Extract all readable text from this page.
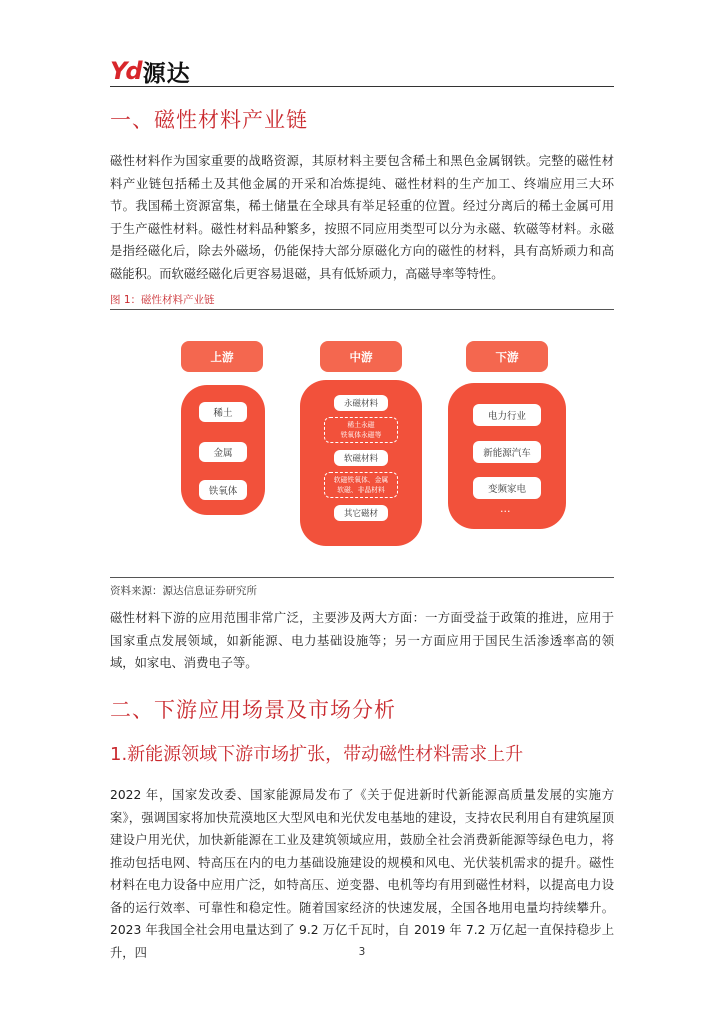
Yd 源达
一、磁性材料产业链

磁性材料作为国家重要的战略资源，其原材料主要包含稀土和黑色金属钢铁。完整的磁性材料产业链包括稀土及其他金属的开采和冶炼提纯、磁性材料的生产加工、终端应用三大环节。我国稀土资源富集，稀土储量在全球具有举足轻重的位置。经过分离后的稀土金属可用于生产磁性材料。磁性材料品种繁多，按照不同应用类型可以分为永磁、软磁等材料。永磁是指经磁化后，除去外磁场，仍能保持大部分原磁化方向的磁性的材料，具有高矫顽力和高磁能积。而软磁经磁化后更容易退磁，具有低矫顽力，高磁导率等特性。

图 1：磁性材料产业链
上游
稀土
金属
铁氧体
中游
永磁材料
稀土永磁
铁氧体永磁等
软磁材料
软磁铁氧体、金属
软磁、非晶材料
其它磁材
下游
电力行业
新能源汽车
变频家电
...
资料来源：源达信息证券研究所

磁性材料下游的应用范围非常广泛，主要涉及两大方面：一方面受益于政策的推进，应用于国家重点发展领域，如新能源、电力基础设施等；另一方面应用于国民生活渗透率高的领域，如家电、消费电子等。

二、下游应用场景及市场分析
1.新能源领域下游市场扩张，带动磁性材料需求上升

2022 年，国家发改委、国家能源局发布了《关于促进新时代新能源高质量发展的实施方案》，强调国家将加快荒漠地区大型风电和光伏发电基地的建设，支持农民利用自有建筑屋顶建设户用光伏，加快新能源在工业及建筑领域应用，鼓励全社会消费新能源等绿色电力，将推动包括电网、特高压在内的电力基础设施建设的规模和风电、光伏装机需求的提升。磁性材料在电力设备中应用广泛，如特高压、逆变器、电机等均有用到磁性材料，以提高电力设备的运行效率、可靠性和稳定性。随着国家经济的快速发展，全国各地用电量均持续攀升。2023 年我国全社会用电量达到了 9.2 万亿千瓦时，自 2019 年 7.2 万亿起一直保持稳步上升，四	3
